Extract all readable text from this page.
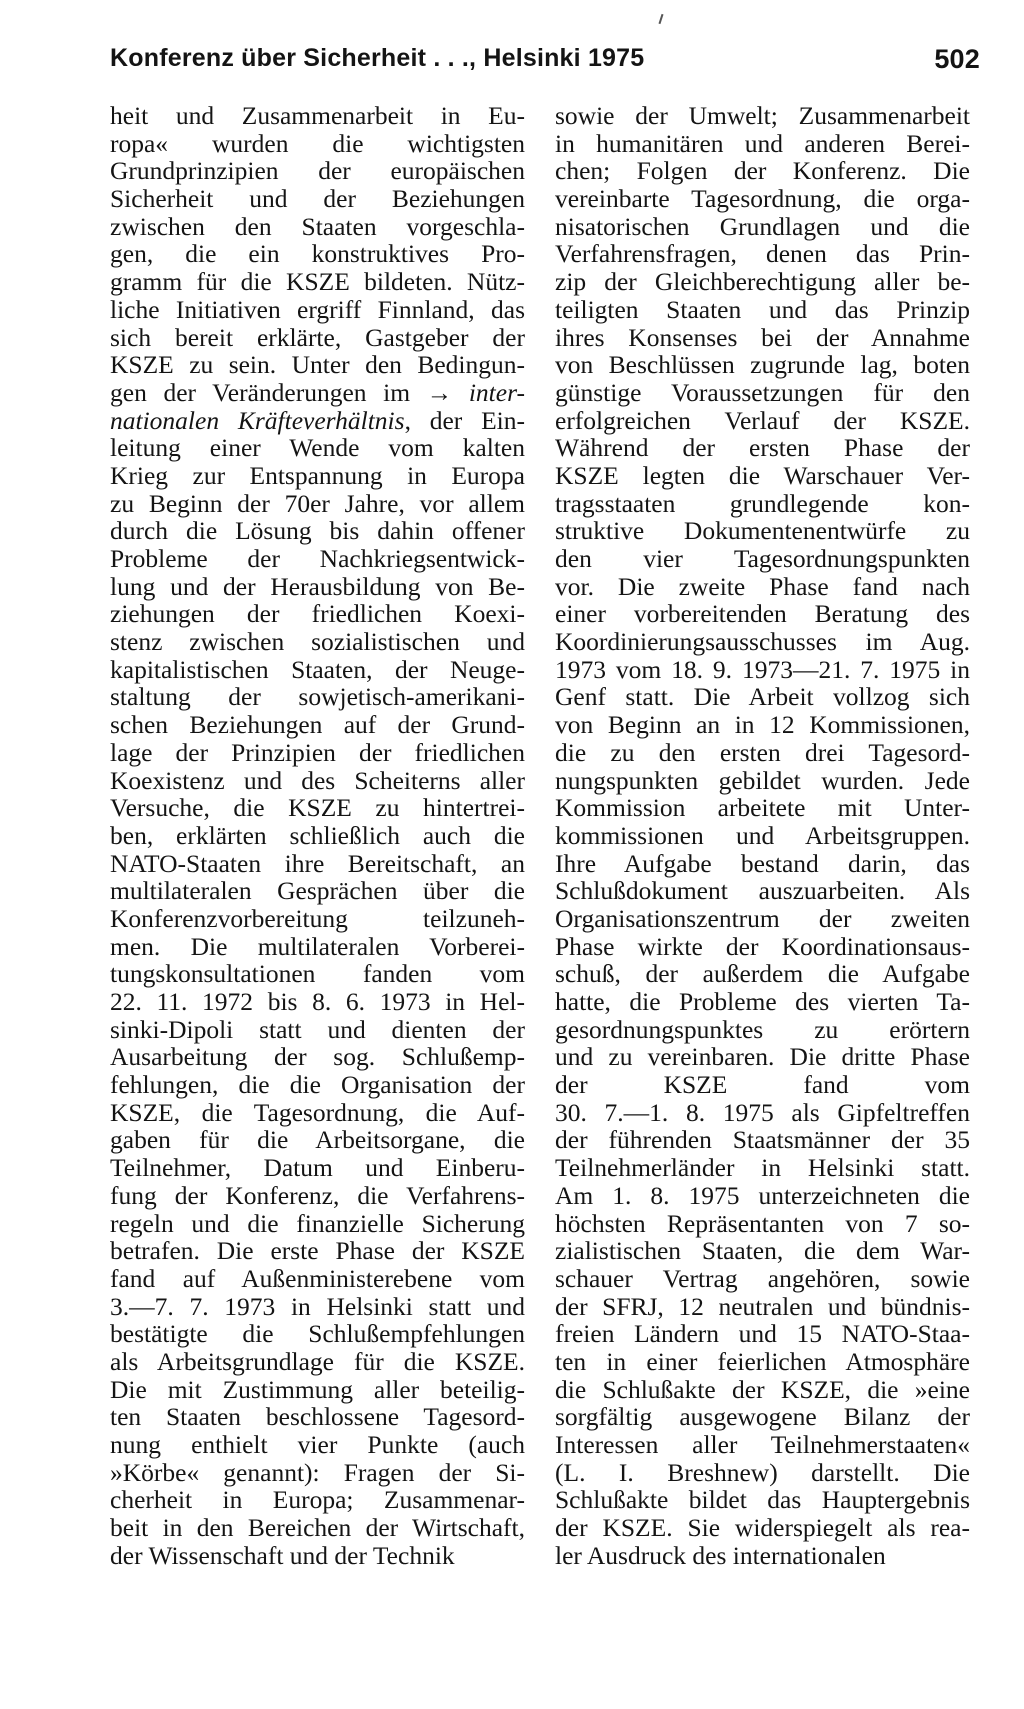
Konferenz über Sicherheit . . ., Helsinki 1975	502
heit und Zusammenarbeit in Eu-
ropa« wurden die wichtigsten
Grundprinzipien der europäischen
Sicherheit und der Beziehungen
zwischen den Staaten vorgeschla-
gen, die ein konstruktives Pro-
gramm für die KSZE bildeten. Nütz-
liche Initiativen ergriff Finnland, das
sich bereit erklärte, Gastgeber der
KSZE zu sein. Unter den Bedingun-
gen der Veränderungen im → inter-
nationalen Kräfteverhältnis, der Ein-
leitung einer Wende vom kalten
Krieg zur Entspannung in Europa
zu Beginn der 70er Jahre, vor allem
durch die Lösung bis dahin offener
Probleme der Nachkriegsentwick-
lung und der Herausbildung von Be-
ziehungen der friedlichen Koexi-
stenz zwischen sozialistischen und
kapitalistischen Staaten, der Neuge-
staltung der sowjetisch-amerikani-
schen Beziehungen auf der Grund-
lage der Prinzipien der friedlichen
Koexistenz und des Scheiterns aller
Versuche, die KSZE zu hintertrei-
ben, erklärten schließlich auch die
NATO-Staaten ihre Bereitschaft, an
multilateralen Gesprächen über die
Konferenzvorbereitung teilzuneh-
men. Die multilateralen Vorberei-
tungskonsultationen fanden vom
22. 11. 1972 bis 8. 6. 1973 in Hel-
sinki-Dipoli statt und dienten der
Ausarbeitung der sog. Schlußemp-
fehlungen, die die Organisation der
KSZE, die Tagesordnung, die Auf-
gaben für die Arbeitsorgane, die
Teilnehmer, Datum und Einberu-
fung der Konferenz, die Verfahrens-
regeln und die finanzielle Sicherung
betrafen. Die erste Phase der KSZE
fand auf Außenministerebene vom
3.—7. 7. 1973 in Helsinki statt und
bestätigte die Schlußempfehlungen
als Arbeitsgrundlage für die KSZE.
Die mit Zustimmung aller beteilig-
ten Staaten beschlossene Tagesord-
nung enthielt vier Punkte (auch
»Körbe« genannt): Fragen der Si-
cherheit in Europa; Zusammenar-
beit in den Bereichen der Wirtschaft,
der Wissenschaft und der Technik
sowie der Umwelt; Zusammenarbeit
in humanitären und anderen Berei-
chen; Folgen der Konferenz. Die
vereinbarte Tagesordnung, die orga-
nisatorischen Grundlagen und die
Verfahrensfragen, denen das Prin-
zip der Gleichberechtigung aller be-
teiligten Staaten und das Prinzip
ihres Konsenses bei der Annahme
von Beschlüssen zugrunde lag, boten
günstige Voraussetzungen für den
erfolgreichen Verlauf der KSZE.
Während der ersten Phase der
KSZE legten die Warschauer Ver-
tragsstaaten grundlegende kon-
struktive Dokumentenentwürfe zu
den vier Tagesordnungspunkten
vor. Die zweite Phase fand nach
einer vorbereitenden Beratung des
Koordinierungsausschusses im Aug.
1973 vom 18. 9. 1973—21. 7. 1975 in
Genf statt. Die Arbeit vollzog sich
von Beginn an in 12 Kommissionen,
die zu den ersten drei Tagesord-
nungspunkten gebildet wurden. Jede
Kommission arbeitete mit Unter-
kommissionen und Arbeitsgruppen.
Ihre Aufgabe bestand darin, das
Schlußdokument auszuarbeiten. Als
Organisationszentrum der zweiten
Phase wirkte der Koordinationsaus-
schuß, der außerdem die Aufgabe
hatte, die Probleme des vierten Ta-
gesordnungspunktes zu erörtern
und zu vereinbaren. Die dritte Phase
der KSZE fand vom
30. 7.—1. 8. 1975 als Gipfeltreffen
der führenden Staatsmänner der 35
Teilnehmerländer in Helsinki statt.
Am 1. 8. 1975 unterzeichneten die
höchsten Repräsentanten von 7 so-
zialistischen Staaten, die dem War-
schauer Vertrag angehören, sowie
der SFRJ, 12 neutralen und bündnis-
freien Ländern und 15 NATO-Staa-
ten in einer feierlichen Atmosphäre
die Schlußakte der KSZE, die »eine
sorgfältig ausgewogene Bilanz der
Interessen aller Teilnehmerstaaten«
(L. I. Breshnew) darstellt. Die
Schlußakte bildet das Hauptergebnis
der KSZE. Sie widerspiegelt als rea-
ler Ausdruck des internationalen
